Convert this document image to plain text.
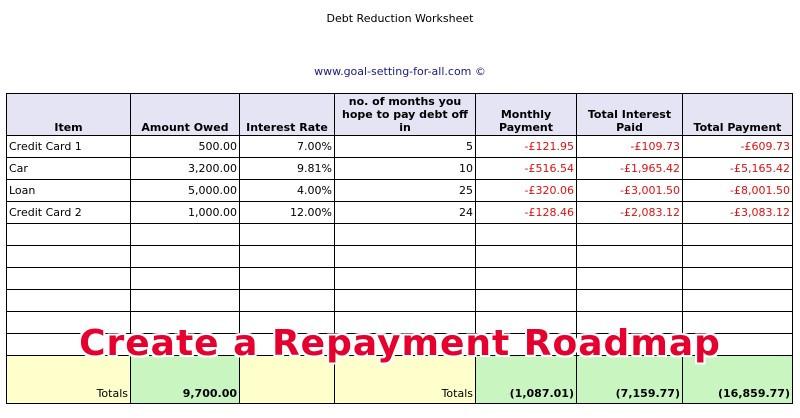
Debt Reduction Worksheet
www.goal-setting-for-all.com ©
Item	Amount Owed	Interest Rate	no. of months you hope to pay debt off in	Monthly Payment	Total Interest Paid	Total Payment
Credit Card 1	500.00	7.00%	5	-£121.95	-£109.73	-£609.73
Car	3,200.00	9.81%	10	-£516.54	-£1,965.42	-£5,165.42
Loan	5,000.00	4.00%	25	-£320.06	-£3,001.50	-£8,001.50
Credit Card 2	1,000.00	12.00%	24	-£128.46	-£2,083.12	-£3,083.12

Totals	9,700.00		Totals	(1,087.01)	(7,159.77)	(16,859.77)
Create a Repayment Roadmap
